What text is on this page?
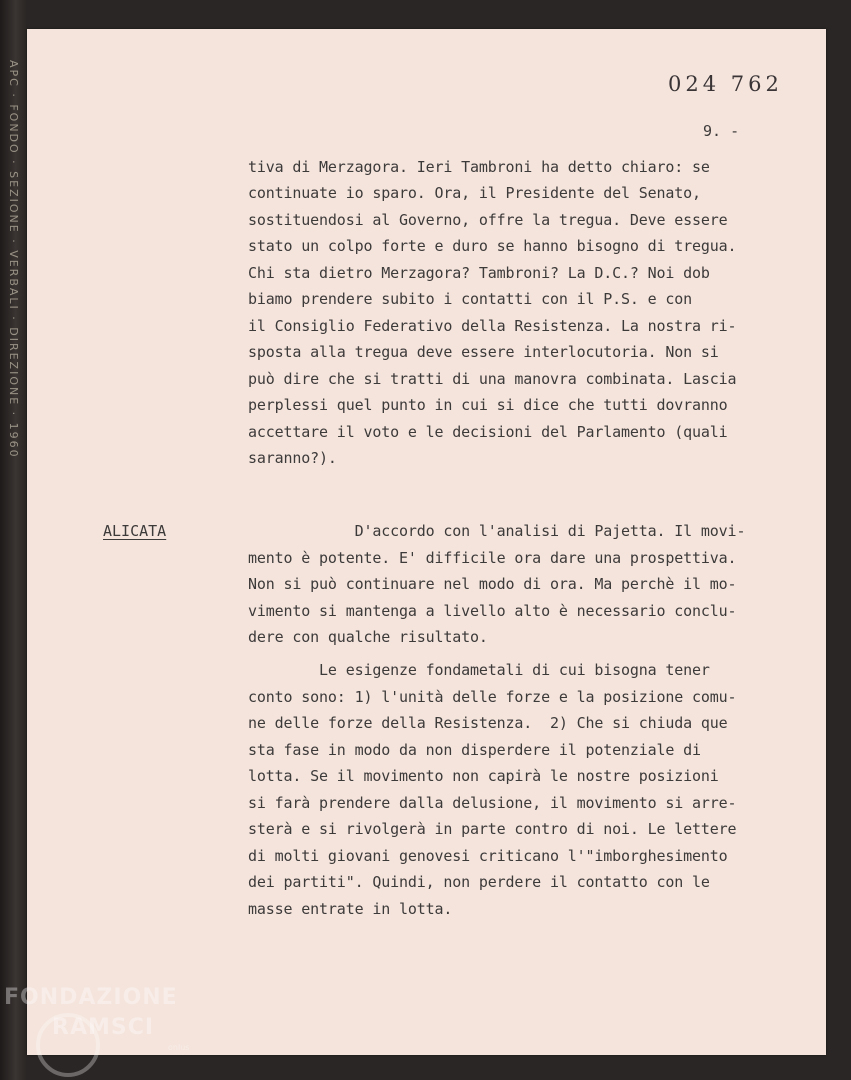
APC · FONDO · SEZIONE · VERBALI · DIREZIONE · 1960	024 762
9. -
tiva di Merzagora. Ieri Tambroni ha detto chiaro: se
continuate io sparo. Ora, il Presidente del Senato,
sostituendosi al Governo, offre la tregua. Deve essere
stato un colpo forte e duro se hanno bisogno di tregua.
Chi sta dietro Merzagora? Tambroni? La D.C.? Noi dob
biamo prendere subito i contatti con il P.S. e con
il Consiglio Federativo della Resistenza. La nostra ri-
sposta alla tregua deve essere interlocutoria. Non si
può dire che si tratti di una manovra combinata. Lascia
perplessi quel punto in cui si dice che tutti dovranno
accettare il voto e le decisioni del Parlamento (quali
saranno?).
ALICATA	D'accordo con l'analisi di Pajetta. Il movi-
mento è potente. E' difficile ora dare una prospettiva.
Non si può continuare nel modo di ora. Ma perchè il mo-
vimento si mantenga a livello alto è necessario conclu-
dere con qualche risultato.
Le esigenze fondametali di cui bisogna tener
conto sono: 1) l'unità delle forze e la posizione comu-
ne delle forze della Resistenza.  2) Che si chiuda que
sta fase in modo da non disperdere il potenziale di
lotta. Se il movimento non capirà le nostre posizioni
si farà prendere dalla delusione, il movimento si arre-
sterà e si rivolgerà in parte contro di noi. Le lettere
di molti giovani genovesi criticano l'"imborghesimento
dei partiti". Quindi, non perdere il contatto con le
masse entrate in lotta.
FONDAZIONE
RAMSCI
onlus
